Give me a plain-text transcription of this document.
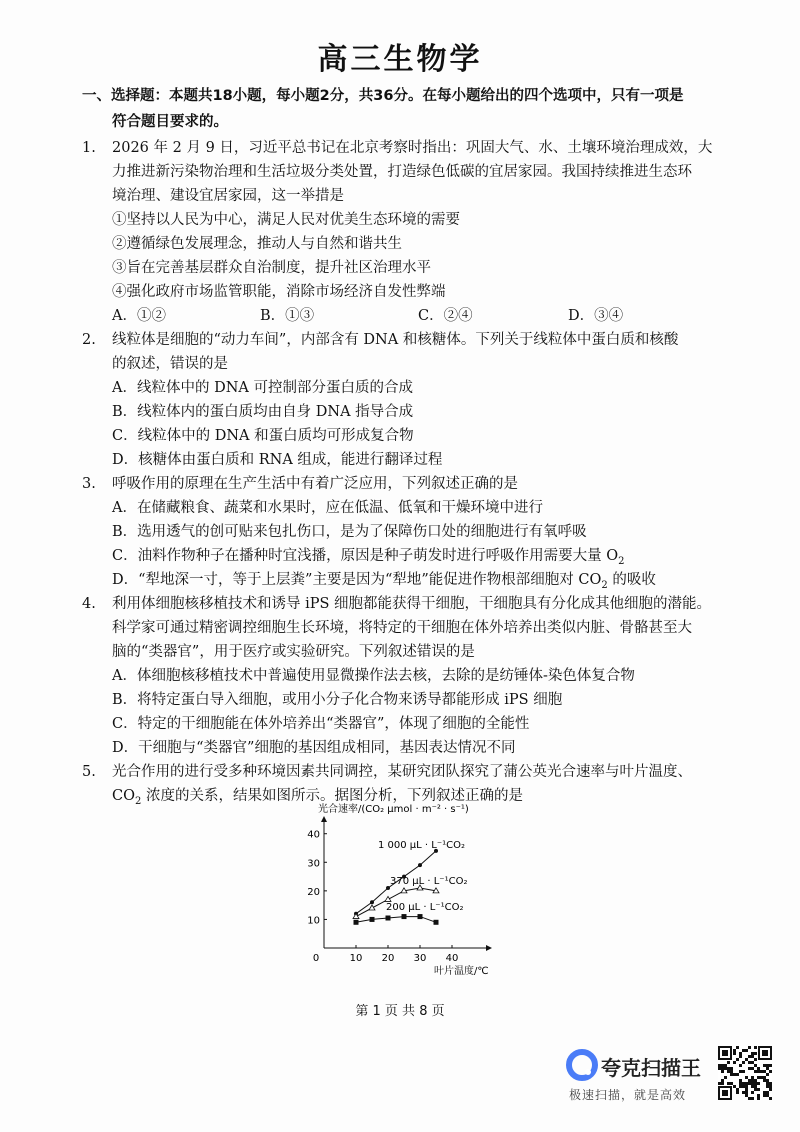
高三生物学
一、选择题：本题共18小题，每小题2分，共36分。在每小题给出的四个选项中，只有一项是
符合题目要求的。
1. 2026 年 2 月 9 日，习近平总书记在北京考察时指出：巩固大气、水、土壤环境治理成效，大
力推进新污染物治理和生活垃圾分类处置，打造绿色低碳的宜居家园。我国持续推进生态环
境治理、建设宜居家园，这一举措是
①坚持以人民为中心，满足人民对优美生态环境的需要
②遵循绿色发展理念，推动人与自然和谐共生
③旨在完善基层群众自治制度，提升社区治理水平
④强化政府市场监管职能，消除市场经济自发性弊端
A．①②	B．①③	C．②④	D．③④
2. 线粒体是细胞的“动力车间”，内部含有 DNA 和核糖体。下列关于线粒体中蛋白质和核酸
的叙述，错误的是
A．线粒体中的 DNA 可控制部分蛋白质的合成
B．线粒体内的蛋白质均由自身 DNA 指导合成
C．线粒体中的 DNA 和蛋白质均可形成复合物
D．核糖体由蛋白质和 RNA 组成，能进行翻译过程
3. 呼吸作用的原理在生产生活中有着广泛应用，下列叙述正确的是
A．在储藏粮食、蔬菜和水果时，应在低温、低氧和干燥环境中进行
B．选用透气的创可贴来包扎伤口，是为了保障伤口处的细胞进行有氧呼吸
C．油料作物种子在播种时宜浅播，原因是种子萌发时进行呼吸作用需要大量 $O_2$
D．“犁地深一寸，等于上层粪”主要是因为“犁地”能促进作物根部细胞对 $CO_2$ 的吸收
4. 利用体细胞核移植技术和诱导 iPS 细胞都能获得干细胞，干细胞具有分化成其他细胞的潜能。
科学家可通过精密调控细胞生长环境，将特定的干细胞在体外培养出类似内脏、骨骼甚至大
脑的“类器官”，用于医疗或实验研究。下列叙述错误的是
A．体细胞核移植技术中普遍使用显微操作法去核，去除的是纺锤体-染色体复合物
B．将特定蛋白导入细胞，或用小分子化合物来诱导都能形成 iPS 细胞
C．特定的干细胞能在体外培养出“类器官”，体现了细胞的全能性
D．干细胞与“类器官”细胞的基因组成相同，基因表达情况不同
5. 光合作用的进行受多种环境因素共同调控，某研究团队探究了蒲公英光合速率与叶片温度、
$CO_2$ 浓度的关系，结果如图所示。据图分析，下列叙述正确的是
光合速率/(CO₂ μmol · m⁻² · s⁻¹)
叶片温度/℃
0	10 20 30 40
10
20
30
40
1 000 μL · L⁻¹CO₂
370 μL · L⁻¹CO₂
200 μL · L⁻¹CO₂
第 1 页 共 8 页
夸克扫描王
极速扫描，就是高效
